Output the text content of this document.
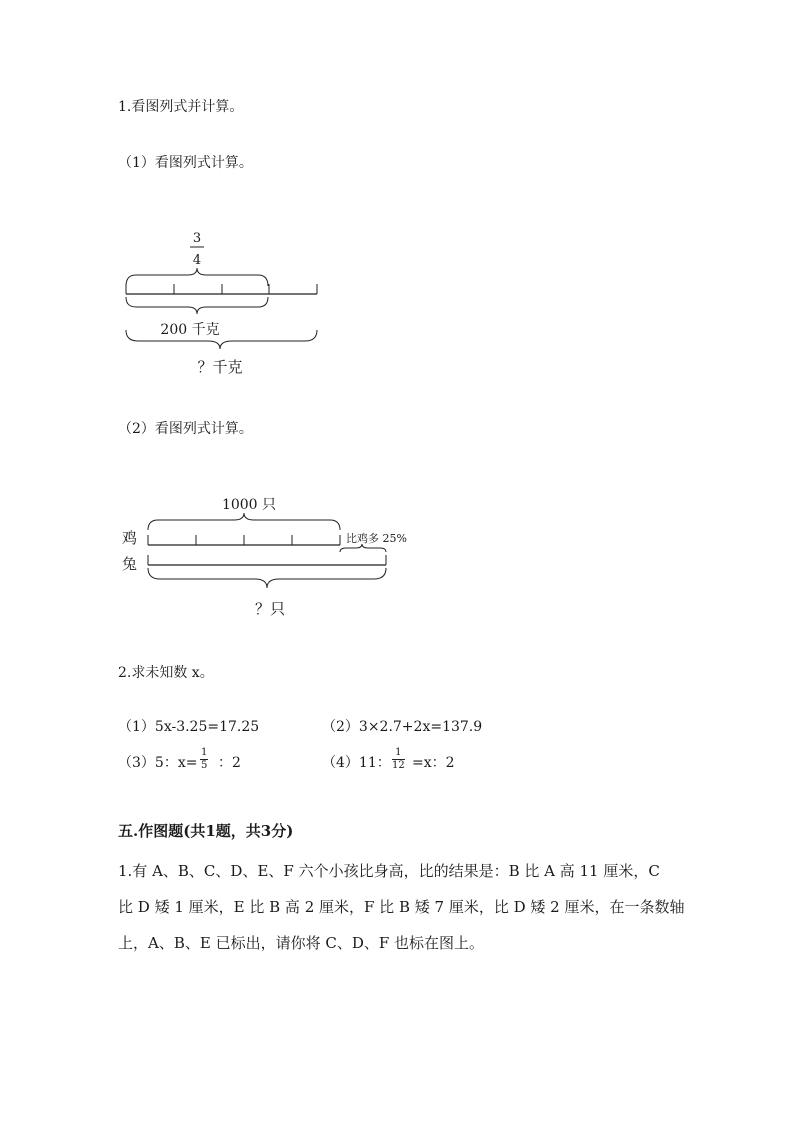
1.看图列式并计算。
（1）看图列式计算。
3
4
200 千克
？千克
（2）看图列式计算。
1000 只
鸡	比鸡多 25%
兔
？只
2.求未知数 x。
（1）5x-3.25=17.25	（2）3×2.7+2x=137.9
（3）5：$x= \frac{1}{5}$ ：2	（4）11： $\frac{1}{12} =x$：2
五.作图题(共1题，共3分)
1.有 A、B、C、D、E、F 六个小孩比身高，比的结果是：B 比 A 高 11 厘米，C
比 D 矮 1 厘米，E 比 B 高 2 厘米，F 比 B 矮 7 厘米，比 D 矮 2 厘米，在一条数轴
上，A、B、E 已标出，请你将 C、D、F 也标在图上。
